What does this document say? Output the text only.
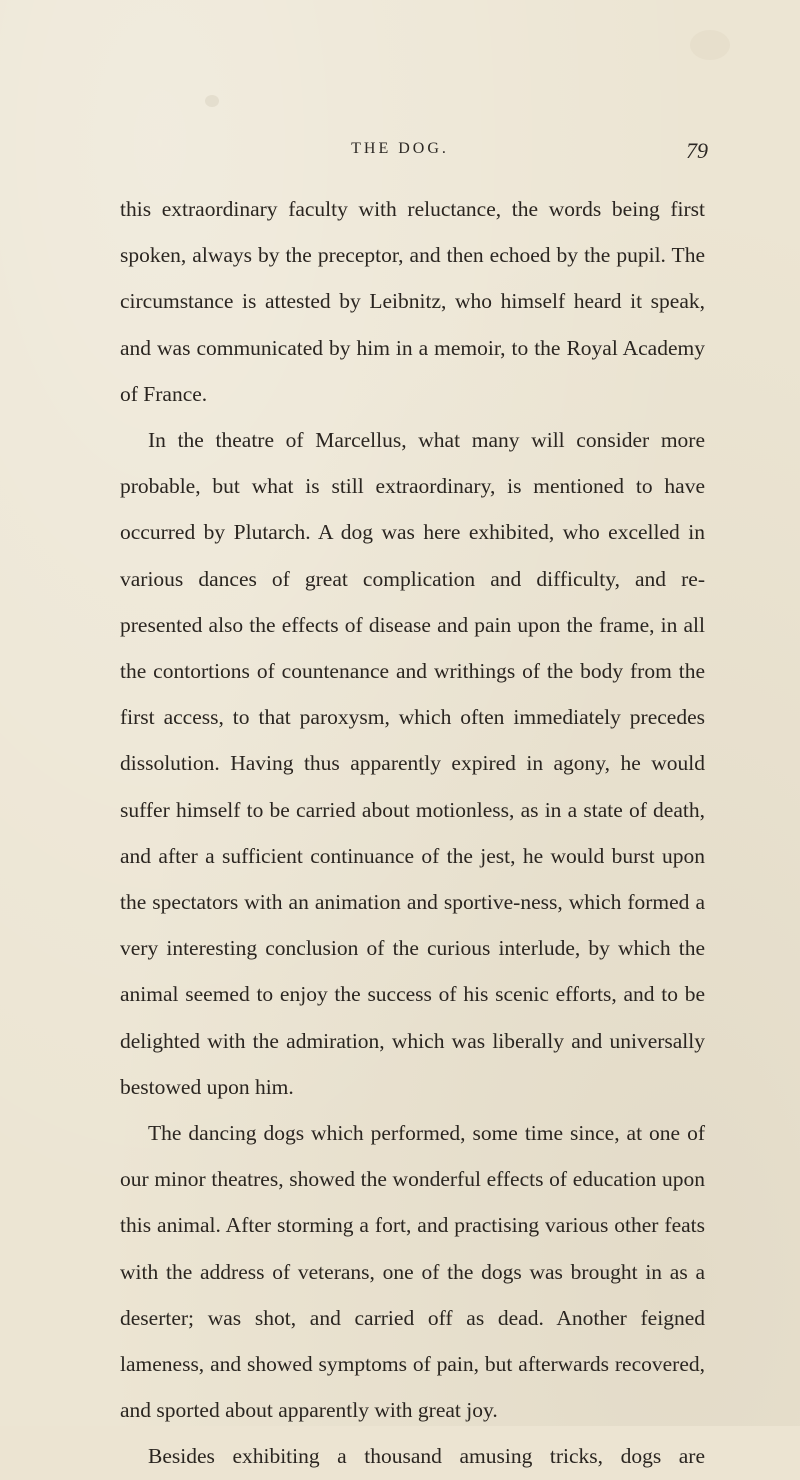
THE DOG.	79

this extraordinary faculty with reluctance, the words being first spoken, always by the preceptor, and then echoed by the pupil. The circumstance is attested by Leibnitz, who himself heard it speak, and was communicated by him in a memoir, to the Royal Academy of France.

In the theatre of Marcellus, what many will consider more probable, but what is still extraordinary, is mentioned to have occurred by Plutarch. A dog was here exhibited, who excelled in various dances of great complication and difficulty, and re-presented also the effects of disease and pain upon the frame, in all the contortions of countenance and writhings of the body from the first access, to that paroxysm, which often immediately precedes dissolution. Having thus apparently expired in agony, he would suffer himself to be carried about motionless, as in a state of death, and after a sufficient continuance of the jest, he would burst upon the spectators with an animation and sportive-ness, which formed a very interesting conclusion of the curious interlude, by which the animal seemed to enjoy the success of his scenic efforts, and to be delighted with the admiration, which was liberally and universally bestowed upon him.

The dancing dogs which performed, some time since, at one of our minor theatres, showed the wonderful effects of education upon this animal. After storming a fort, and practising various other feats with the address of veterans, one of the dogs was brought in as a deserter; was shot, and carried off as dead. Another feigned lameness, and showed symptoms of pain, but afterwards recovered, and sported about apparently with great joy.

Besides exhibiting a thousand amusing tricks, dogs are
